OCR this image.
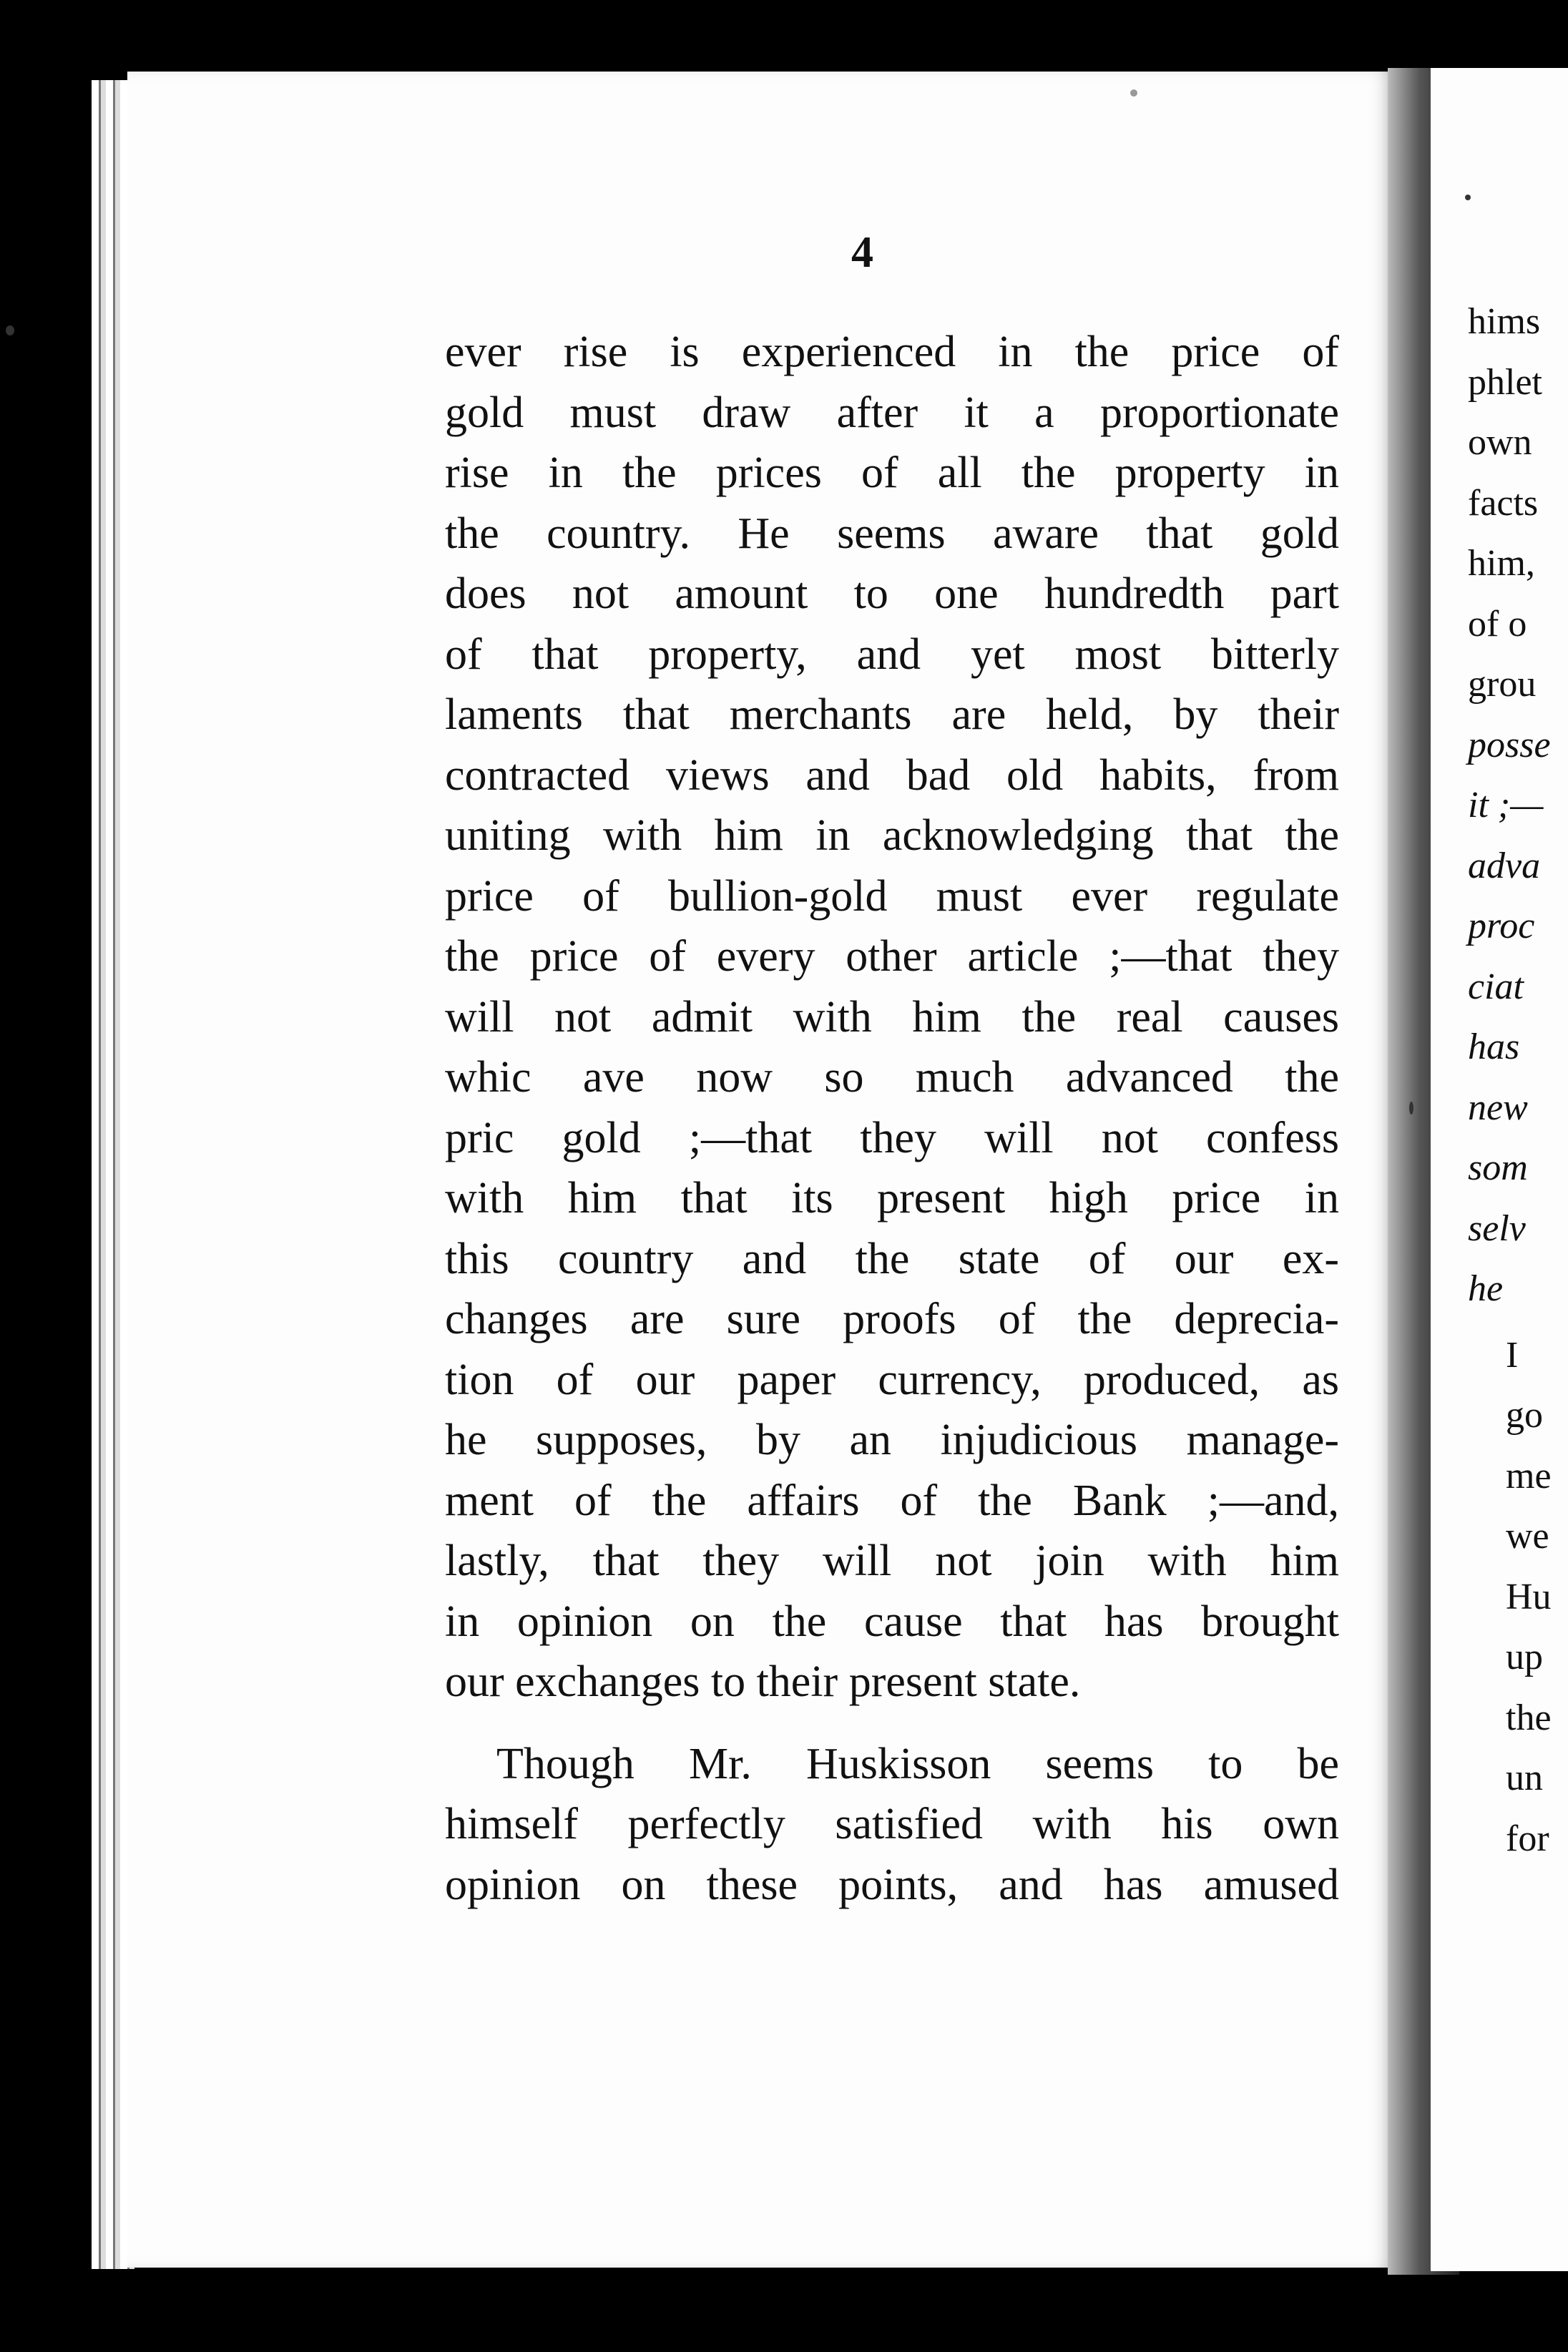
4
ever rise is experienced in the price of
gold must draw after it a proportionate
rise in the prices of all the property in
the country. He seems aware that gold
does not amount to one hundredth part
of that property, and yet most bitterly
laments that merchants are held, by their
contracted views and bad old habits, from
uniting with him in acknowledging that the
price of bullion-gold must ever regulate
the price of every other article ;—that they
will not admit with him the real causes
whic ave now so much advanced the
pric gold ;—that they will not confess
with him that its present high price in
this country and the state of our ex-
changes are sure proofs of the deprecia-
tion of our paper currency, produced, as
he supposes, by an injudicious manage-
ment of the affairs of the Bank ;—and,
lastly, that they will not join with him
in opinion on the cause that has brought
our exchanges to their present state.
Though Mr. Huskisson seems to be
himself perfectly satisfied with his own
opinion on these points, and has amused
hims
phlet
own
facts
him,
of o
grou
posse
it ;—
adva
proc
ciat
has
new
som
selv
he
I
go
me
we
Hu
up
the
un
for
